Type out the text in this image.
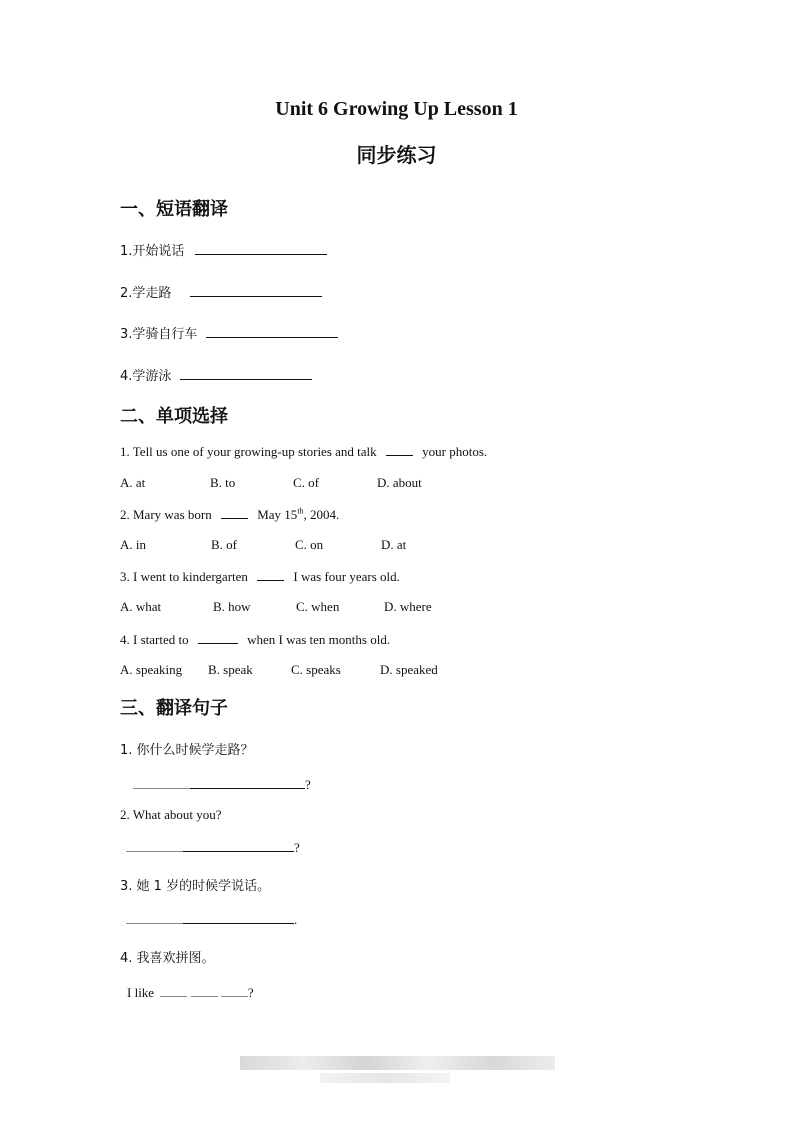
Unit 6 Growing Up Lesson 1
同步练习
一、短语翻译
1.开始说话
2.学走路
3.学骑自行车
4.学游泳
二、单项选择
1. Tell us one of your growing-up stories and talk	your photos.
A. at	B. to	C. of	D. about
2. Mary was born	May 15th, 2004.
A. in	B. of	C. on	D. at
3. I went to kindergarten	I was four years old.
A. what	B. how	C. when	D. where
4. I started to	when I was ten months old.
A. speaking B. speak	C. speaks	D. speaked
三、翻译句子
1. 你什么时候学走路？
?
2. What about you?
?
3. 她 1 岁的时候学说话。
.
4. 我喜欢拼图。
I like	?
